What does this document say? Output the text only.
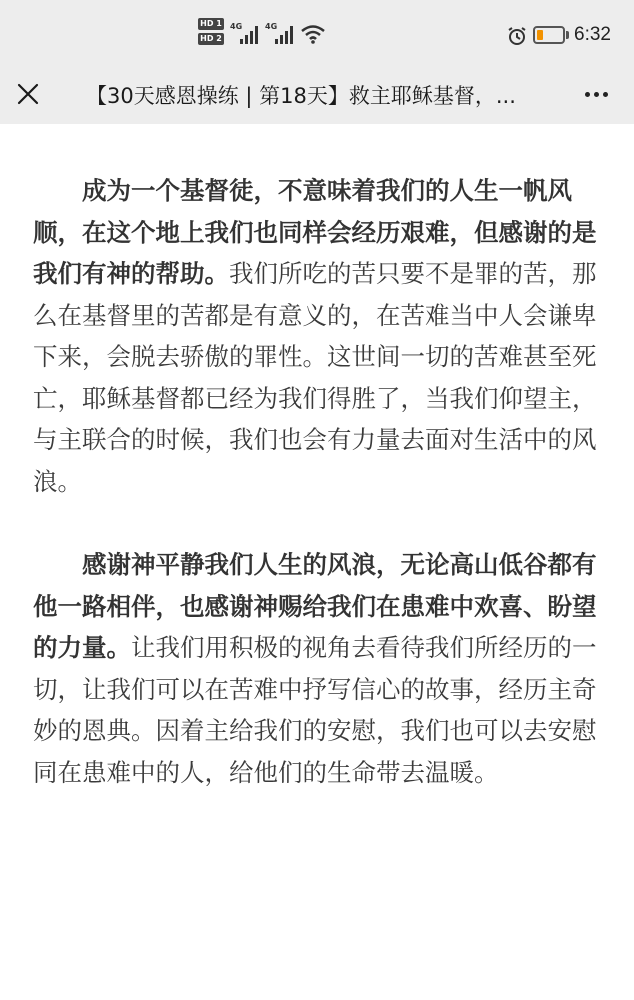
HD 1
HD 2
4G	4G	6:32
【30天感恩操练 | 第18天】救主耶稣基督，...

成为一个基督徒，不意味着我们的人生一帆风顺，在这个地上我们也同样会经历艰难，但感谢的是我们有神的帮助。我们所吃的苦只要不是罪的苦，那么在基督里的苦都是有意义的，在苦难当中人会谦卑下来，会脱去骄傲的罪性。这世间一切的苦难甚至死亡，耶稣基督都已经为我们得胜了，当我们仰望主，与主联合的时候，我们也会有力量去面对生活中的风浪。

感谢神平静我们人生的风浪，无论高山低谷都有他一路相伴，也感谢神赐给我们在患难中欢喜、盼望的力量。让我们用积极的视角去看待我们所经历的一切，让我们可以在苦难中抒写信心的故事，经历主奇妙的恩典。因着主给我们的安慰，我们也可以去安慰同在患难中的人，给他们的生命带去温暖。
